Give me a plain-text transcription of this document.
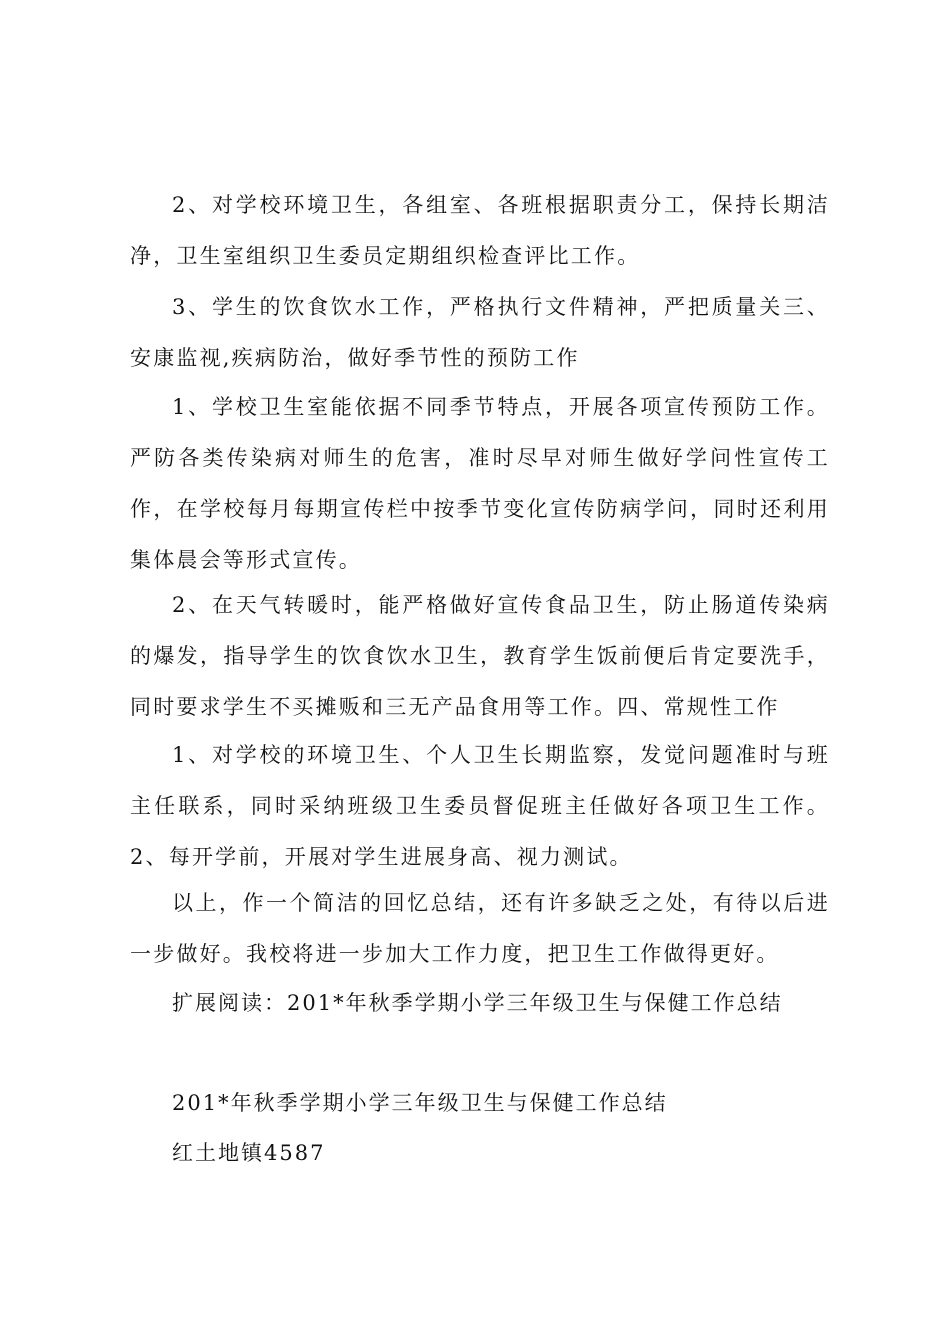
2、对学校环境卫生，各组室、各班根据职责分工，保持长期洁净，卫生室组织卫生委员定期组织检查评比工作。

3、学生的饮食饮水工作，严格执行文件精神，严把质量关三、安康监视,疾病防治，做好季节性的预防工作

1、学校卫生室能依据不同季节特点，开展各项宣传预防工作。严防各类传染病对师生的危害，准时尽早对师生做好学问性宣传工作，在学校每月每期宣传栏中按季节变化宣传防病学问，同时还利用集体晨会等形式宣传。

2、在天气转暖时，能严格做好宣传食品卫生，防止肠道传染病的爆发，指导学生的饮食饮水卫生，教育学生饭前便后肯定要洗手，同时要求学生不买摊贩和三无产品食用等工作。四、常规性工作

1、对学校的环境卫生、个人卫生长期监察，发觉问题准时与班主任联系，同时采纳班级卫生委员督促班主任做好各项卫生工作。2、每开学前，开展对学生进展身高、视力测试。

以上，作一个简洁的回忆总结，还有许多缺乏之处，有待以后进一步做好。我校将进一步加大工作力度，把卫生工作做得更好。

扩展阅读：201*年秋季学期小学三年级卫生与保健工作总结

201*年秋季学期小学三年级卫生与保健工作总结

红土地镇4587
